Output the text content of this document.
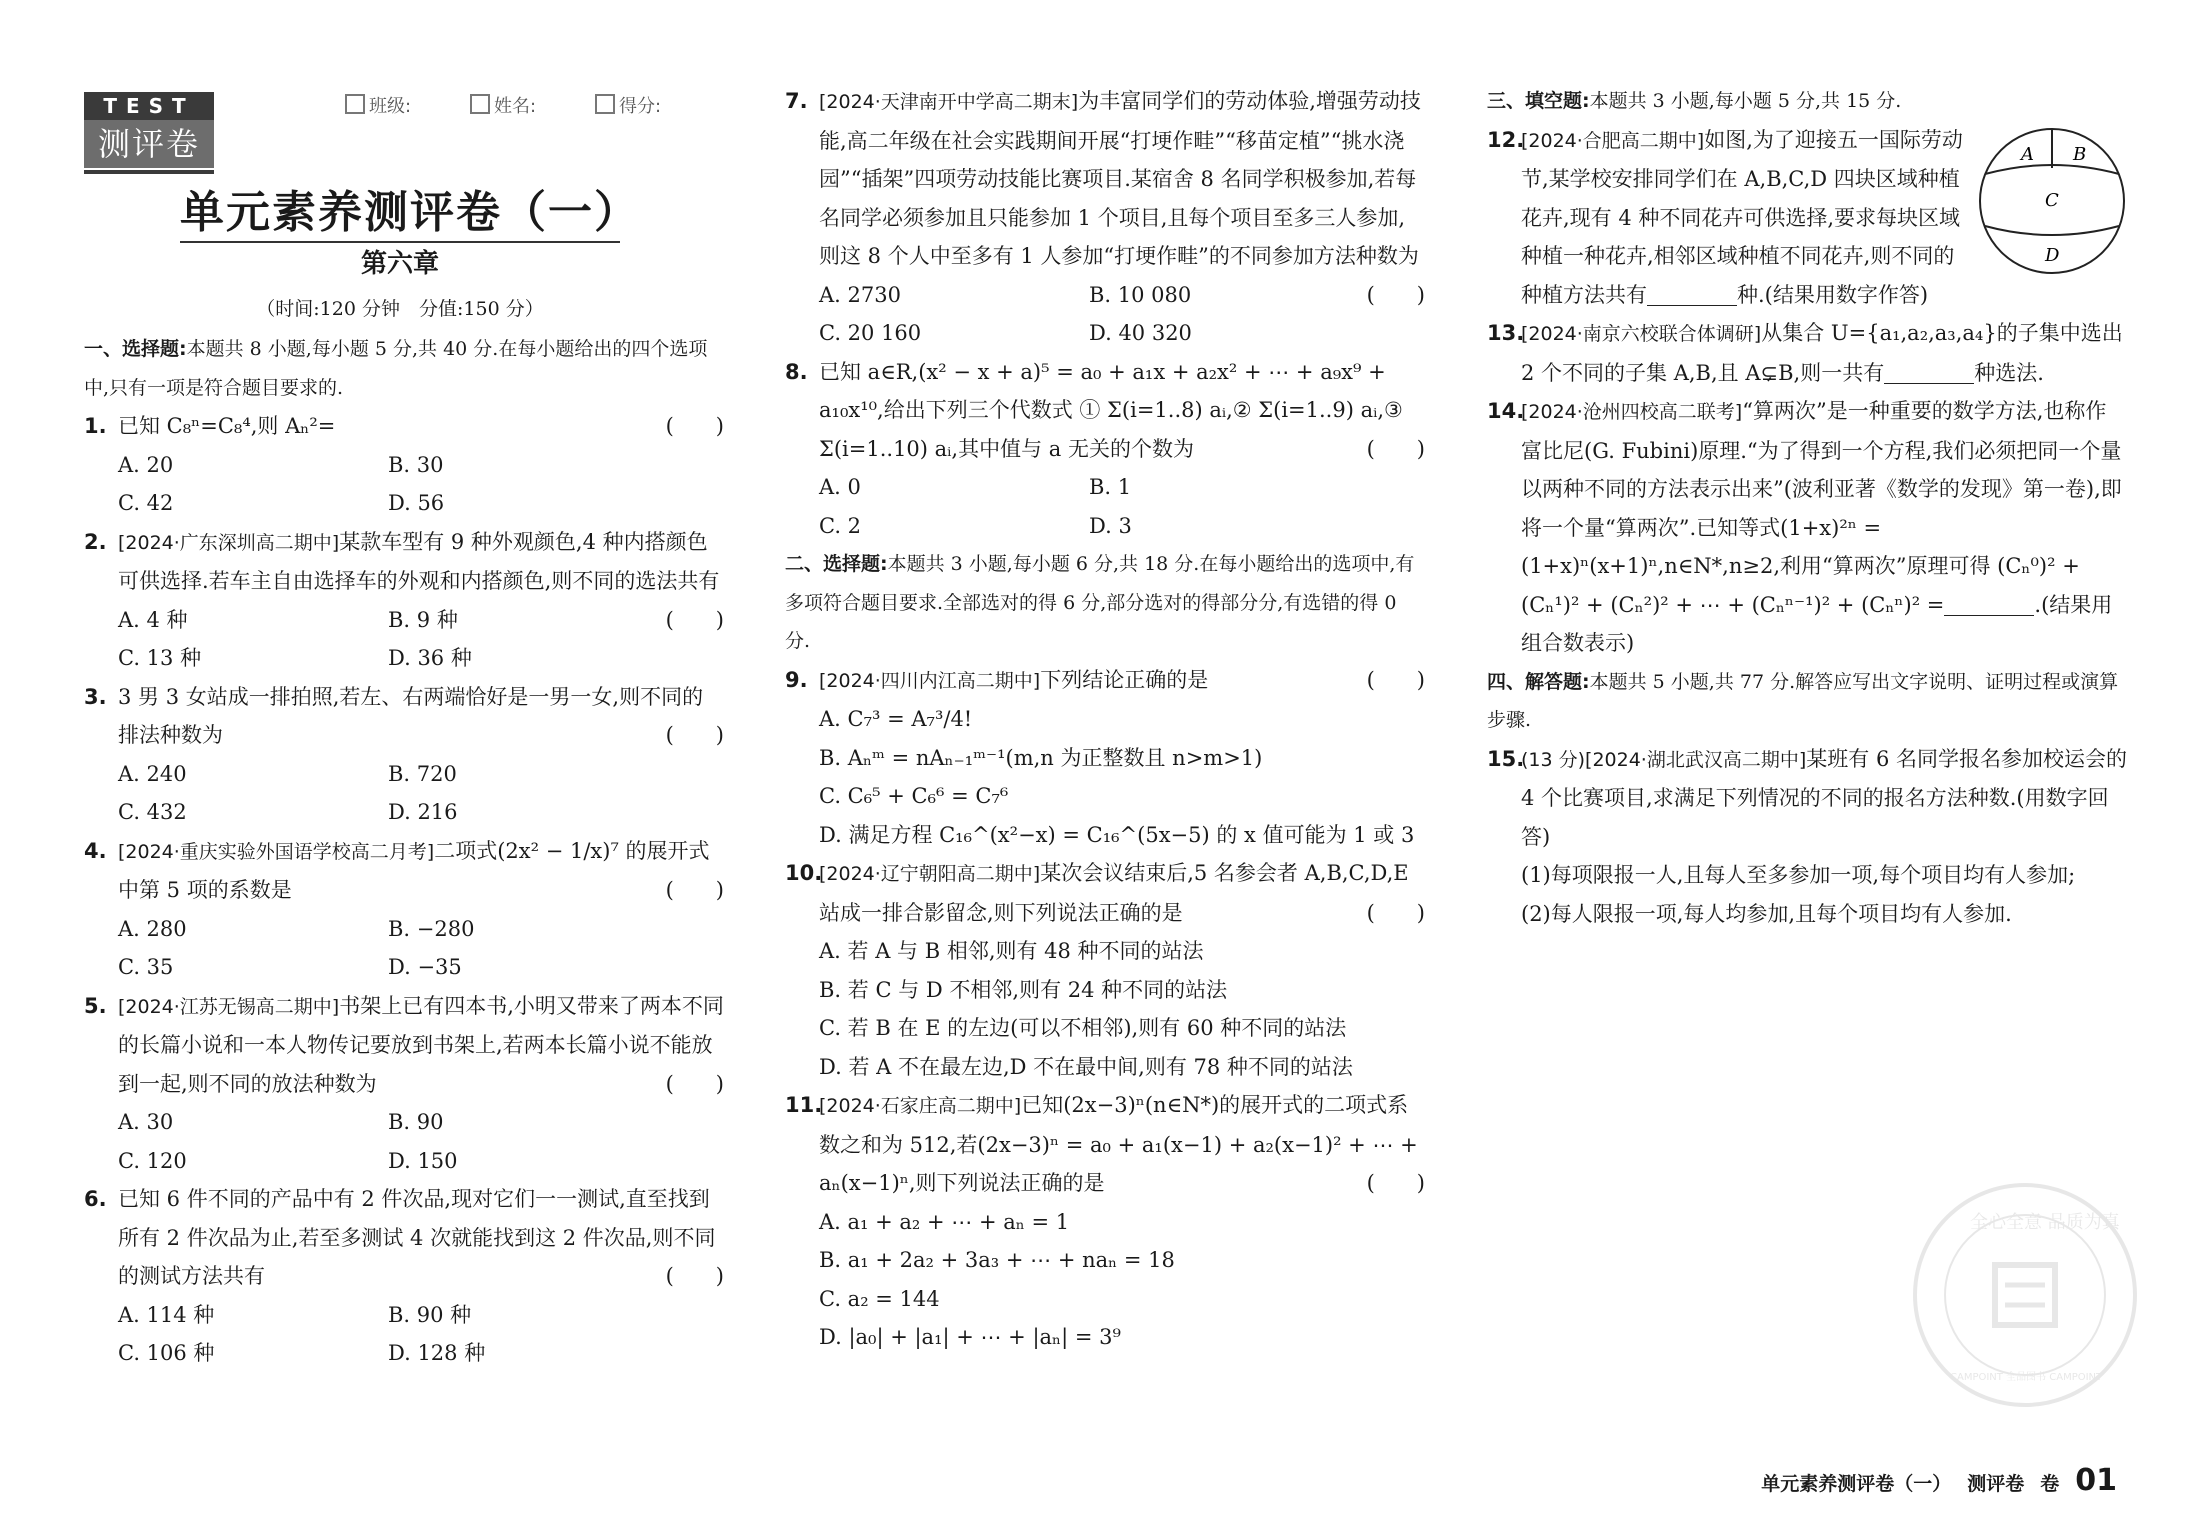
TEST
测评卷
班级:	姓名:	得分:
单元素养测评卷（一）
第六章
（时间:120 分钟　分值:150 分）
一、选择题:本题共 8 小题,每小题 5 分,共 40 分.在每小题给出的四个选项中,只有一项是符合题目要求的.
1. 已知 C₈ⁿ=C₈⁴,则 Aₙ²=	(　　)
A. 20	B. 30
C. 42	D. 56
2. [2024·广东深圳高二期中]某款车型有 9 种外观颜色,4 种内搭颜色可供选择.若车主自由选择车的外观和内搭颜色,则不同的选法共有
(　　)
A. 4 种	B. 9 种
C. 13 种	D. 36 种
3. 3 男 3 女站成一排拍照,若左、右两端恰好是一男一女,则不同的排法种数为	(　　)
A. 240	B. 720
C. 432	D. 216
4. [2024·重庆实验外国语学校高二月考]二项式(2x² − 1/x)⁷ 的展开式中第 5 项的系数是	(　　)
A. 280	B. −280
C. 35	D. −35
5. [2024·江苏无锡高二期中]书架上已有四本书,小明又带来了两本不同的长篇小说和一本人物传记要放到书架上,若两本长篇小说不能放到一起,则不同的放法种数为	(　　)
A. 30	B. 90
C. 120	D. 150
6. 已知 6 件不同的产品中有 2 件次品,现对它们一一测试,直至找到所有 2 件次品为止,若至多测试 4 次就能找到这 2 件次品,则不同的测试方法共有	(　　)
A. 114 种	B. 90 种
C. 106 种	D. 128 种
7. [2024·天津南开中学高二期末]为丰富同学们的劳动体验,增强劳动技能,高二年级在社会实践期间开展“打埂作畦”“移苗定植”“挑水浇园”“插架”四项劳动技能比赛项目.某宿舍 8 名同学积极参加,若每名同学必须参加且只能参加 1 个项目,且每个项目至多三人参加,则这 8 个人中至多有 1 人参加“打埂作畦”的不同参加方法种数为
(　　)
A. 2730	B. 10 080
C. 20 160	D. 40 320
8. 已知 a∈R,(x² − x + a)⁵ = a₀ + a₁x + a₂x² + ⋯ + a₉x⁹ + a₁₀x¹⁰,给出下列三个代数式 ① Σ(i=1..8) aᵢ,② Σ(i=1..9) aᵢ,③ Σ(i=1..10) aᵢ,其中值与 a 无关的个数为	(　　)
A. 0	B. 1
C. 2	D. 3
二、选择题:本题共 3 小题,每小题 6 分,共 18 分.在每小题给出的选项中,有多项符合题目要求.全部选对的得 6 分,部分选对的得部分分,有选错的得 0 分.
9. [2024·四川内江高二期中]下列结论正确的是	(　　)
A. C₇³ = A₇³/4!
B. Aₙᵐ = nAₙ₋₁ᵐ⁻¹(m,n 为正整数且 n>m>1)
C. C₆⁵ + C₆⁶ = C₇⁶
D. 满足方程 C₁₆^(x²−x) = C₁₆^(5x−5) 的 x 值可能为 1 或 3
10.[2024·辽宁朝阳高二期中]某次会议结束后,5 名参会者 A,B,C,D,E 站成一排合影留念,则下列说法正确的是	(　　)
A. 若 A 与 B 相邻,则有 48 种不同的站法
B. 若 C 与 D 不相邻,则有 24 种不同的站法
C. 若 B 在 E 的左边(可以不相邻),则有 60 种不同的站法
D. 若 A 不在最左边,D 不在最中间,则有 78 种不同的站法
11.[2024·石家庄高二期中]已知(2x−3)ⁿ(n∈N*)的展开式的二项式系数之和为 512,若(2x−3)ⁿ = a₀ + a₁(x−1) + a₂(x−1)² + ⋯ + aₙ(x−1)ⁿ,则下列说法正确的是	(　　)
A. a₁ + a₂ + ⋯ + aₙ = 1
B. a₁ + 2a₂ + 3a₃ + ⋯ + naₙ = 18
C. a₂ = 144
D. |a₀| + |a₁| + ⋯ + |aₙ| = 3⁹
三、填空题:本题共 3 小题,每小题 5 分,共 15 分.
A B
C
D
12.[2024·合肥高二期中]如图,为了迎接五一国际劳动节,某学校安排同学们在 A,B,C,D 四块区域种植花卉,现有 4 种不同花卉可供选择,要求每块区域种植一种花卉,相邻区域种植不同花卉,则不同的种植方法共有	种.(结果用数字作答)
13.[2024·南京六校联合体调研]从集合 U={a₁,a₂,a₃,a₄}的子集中选出 2 个不同的子集 A,B,且 A⊊B,则一共有	种选法.
14.[2024·沧州四校高二联考]“算两次”是一种重要的数学方法,也称作富比尼(G. Fubini)原理.“为了得到一个方程,我们必须把同一个量以两种不同的方法表示出来”(波利亚著《数学的发现》第一卷),即将一个量“算两次”.已知等式(1+x)²ⁿ = (1+x)ⁿ(x+1)ⁿ,n∈N*,n≥2,利用“算两次”原理可得 (Cₙ⁰)² + (Cₙ¹)² + (Cₙ²)² + ⋯ + (Cₙⁿ⁻¹)² + (Cₙⁿ)² =	.(结果用组合数表示)
四、解答题:本题共 5 小题,共 77 分.解答应写出文字说明、证明过程或演算步骤.
15.(13 分)[2024·湖北武汉高二期中]某班有 6 名同学报名参加校运会的 4 个比赛项目,求满足下列情况的不同的报名方法种数.(用数字回答)
(1)每项限报一人,且每人至多参加一项,每个项目均有人参加;
(2)每人限报一项,每人均参加,且每个项目均有人参加.
全心全意 品质为真
CAMPOINT 全品图书 CAMPOINT
单元素养测评卷（一） 测评卷 卷 01
